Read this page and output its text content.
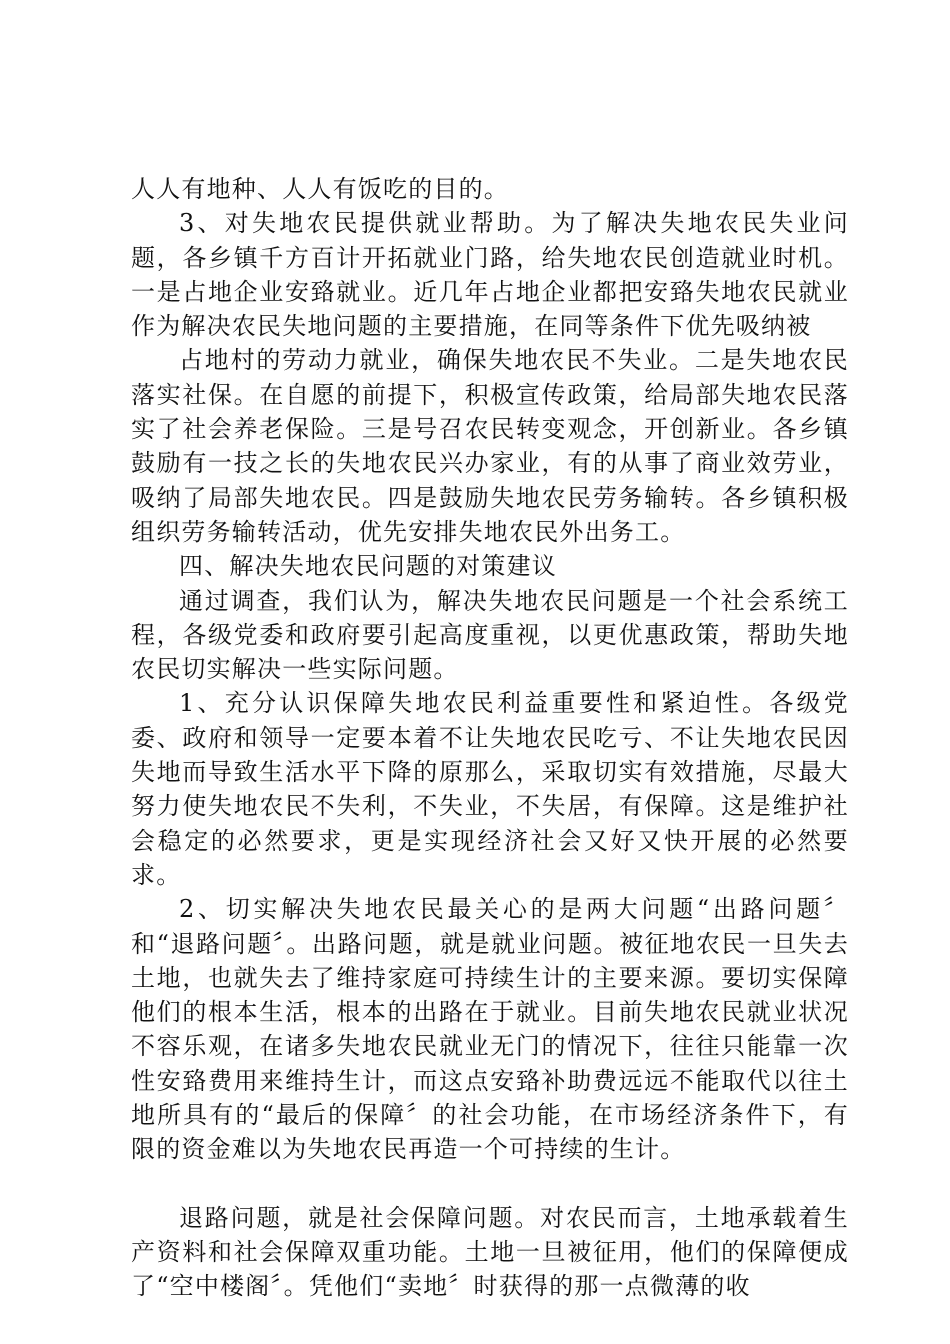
人人有地种、人人有饭吃的目的。

3、对失地农民提供就业帮助。为了解决失地农民失业问题，各乡镇千方百计开拓就业门路，给失地农民创造就业时机。一是占地企业安臵就业。近几年占地企业都把安臵失地农民就业作为解决农民失地问题的主要措施，在同等条件下优先吸纳被

占地村的劳动力就业，确保失地农民不失业。二是失地农民落实社保。在自愿的前提下，积极宣传政策，给局部失地农民落实了社会养老保险。三是号召农民转变观念，开创新业。各乡镇鼓励有一技之长的失地农民兴办家业，有的从事了商业效劳业，吸纳了局部失地农民。四是鼓励失地农民劳务输转。各乡镇积极组织劳务输转活动，优先安排失地农民外出务工。

四、解决失地农民问题的对策建议

通过调查，我们认为，解决失地农民问题是一个社会系统工程，各级党委和政府要引起高度重视，以更优惠政策，帮助失地农民切实解决一些实际问题。

1、充分认识保障失地农民利益重要性和紧迫性。各级党委、政府和领导一定要本着不让失地农民吃亏、不让失地农民因失地而导致生活水平下降的原那么，采取切实有效措施，尽最大努力使失地农民不失利，不失业，不失居，有保障。这是维护社会稳定的必然要求，更是实现经济社会又好又快开展的必然要求。

2、切实解决失地农民最关心的是两大问题“出路问题〞和“退路问题〞。出路问题，就是就业问题。被征地农民一旦失去土地，也就失去了维持家庭可持续生计的主要来源。要切实保障他们的根本生活，根本的出路在于就业。目前失地农民就业状况不容乐观，在诸多失地农民就业无门的情况下，往往只能靠一次性安臵费用来维持生计，而这点安臵补助费远远不能取代以往土地所具有的“最后的保障〞的社会功能，在市场经济条件下，有限的资金难以为失地农民再造一个可持续的生计。

退路问题，就是社会保障问题。对农民而言，土地承载着生产资料和社会保障双重功能。土地一旦被征用，他们的保障便成了“空中楼阁〞。凭他们“卖地〞时获得的那一点微薄的收
